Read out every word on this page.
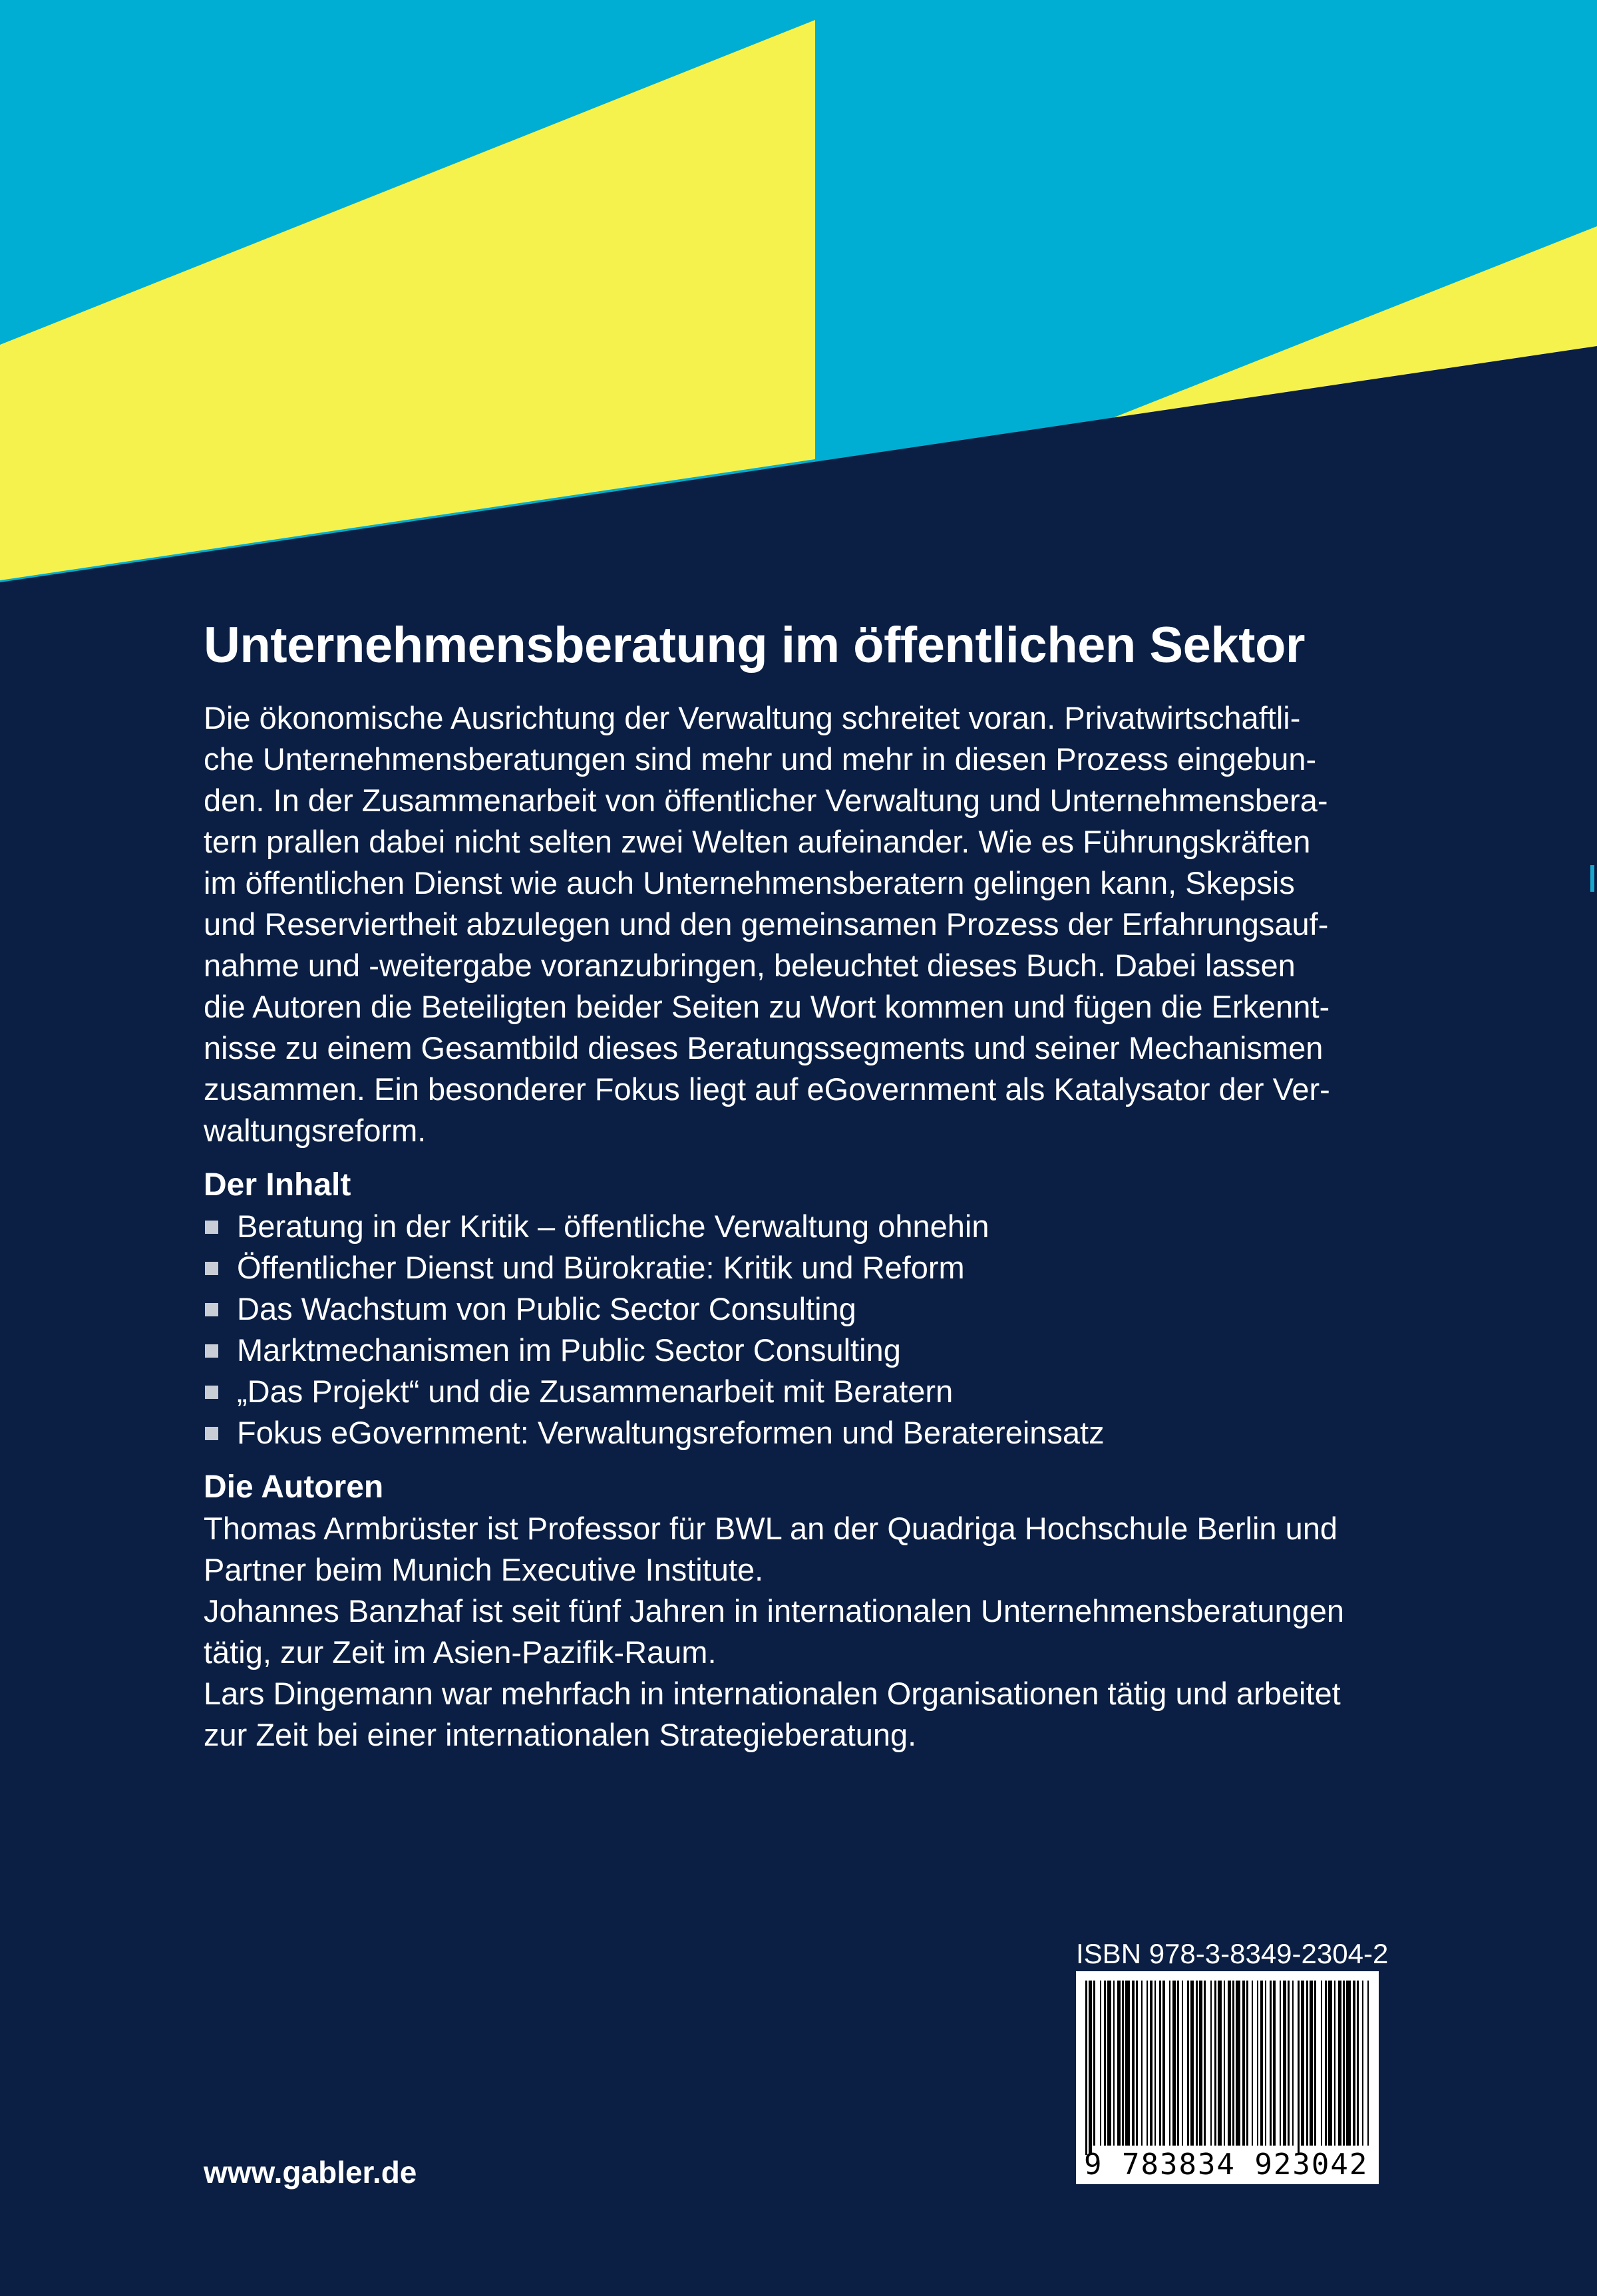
Unternehmensberatung im öffentlichen Sektor

Die ökonomische Ausrichtung der Verwaltung schreitet voran. Privatwirtschaftli-

che Unternehmensberatungen sind mehr und mehr in diesen Prozess eingebun-

den. In der Zusammenarbeit von öffentlicher Verwaltung und Unternehmensbera-

tern prallen dabei nicht selten zwei Welten aufeinander. Wie es Führungskräften

im öffentlichen Dienst wie auch Unternehmensberatern gelingen kann, Skepsis

und Reserviertheit abzulegen und den gemeinsamen Prozess der Erfahrungsauf-

nahme und -weitergabe voranzubringen, beleuchtet dieses Buch. Dabei lassen

die Autoren die Beteiligten beider Seiten zu Wort kommen und fügen die Erkennt-

nisse zu einem Gesamtbild dieses Beratungssegments und seiner Mechanismen

zusammen. Ein besonderer Fokus liegt auf eGovernment als Katalysator der Ver-

waltungsreform.

Der Inhalt
Beratung in der Kritik – öffentliche Verwaltung ohnehin
Öffentlicher Dienst und Bürokratie: Kritik und Reform
Das Wachstum von Public Sector Consulting
Marktmechanismen im Public Sector Consulting
„Das Projekt“ und die Zusammenarbeit mit Beratern
Fokus eGovernment: Verwaltungsreformen und Beratereinsatz
Die Autoren

Thomas Armbrüster ist Professor für BWL an der Quadriga Hochschule Berlin und

Partner beim Munich Executive Institute.

Johannes Banzhaf ist seit fünf Jahren in internationalen Unternehmensberatungen

tätig, zur Zeit im Asien-Pazifik-Raum.

Lars Dingemann war mehrfach in internationalen Organisationen tätig und arbeitet

zur Zeit bei einer internationalen Strategieberatung.

ISBN 978-3-8349-2304-2
9 783834 923042
www.gabler.de
